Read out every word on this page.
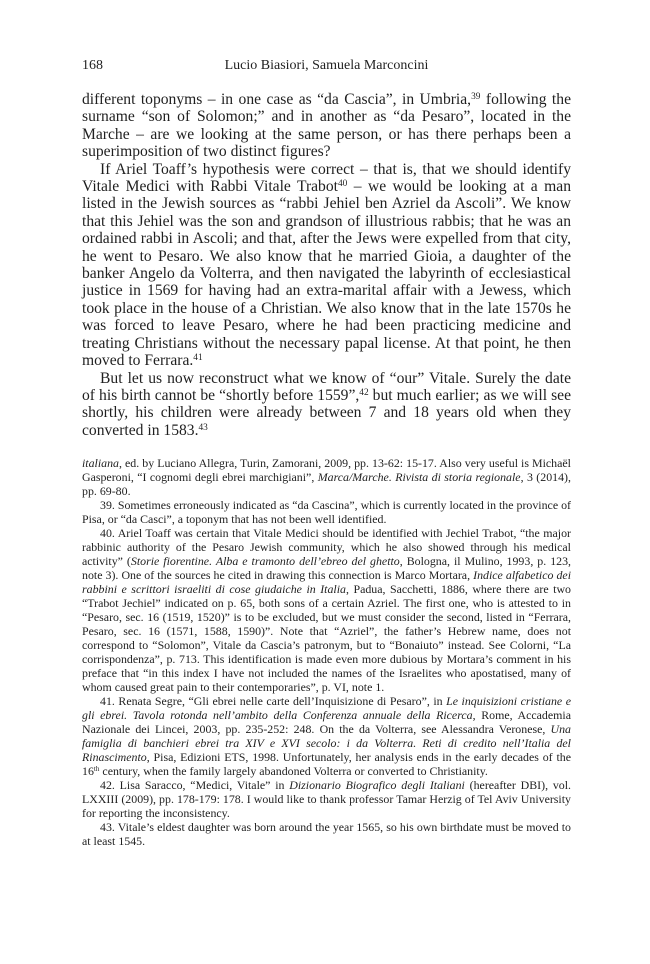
168	Lucio Biasiori, Samuela Marconcini

different toponyms – in one case as “da Cascia”, in Umbria,$^{39}$ following the surname “son of Solomon;” and in another as “da Pesaro”, located in the Marche – are we looking at the same person, or has there perhaps been a superimposition of two distinct figures?

If Ariel Toaff’s hypothesis were correct – that is, that we should identify Vitale Medici with Rabbi Vitale Trabot$^{40}$ – we would be looking at a man listed in the Jewish sources as “rabbi Jehiel ben Azriel da Ascoli”. We know that this Jehiel was the son and grandson of illustrious rabbis; that he was an ordained rabbi in Ascoli; and that, after the Jews were expelled from that city, he went to Pesaro. We also know that he married Gioia, a daughter of the banker Angelo da Volterra, and then navigated the labyrinth of ecclesiastical justice in 1569 for having had an extra-marital affair with a Jewess, which took place in the house of a Christian. We also know that in the late 1570s he was forced to leave Pesaro, where he had been practicing medicine and treating Christians without the necessary papal license. At that point, he then moved to Ferrara.$^{41}$

But let us now reconstruct what we know of “our” Vitale. Surely the date of his birth cannot be “shortly before 1559”,$^{42}$ but much earlier; as we will see shortly, his children were already between 7 and 18 years old when they converted in 1583.43

italiana, ed. by Luciano Allegra, Turin, Zamorani, 2009, pp. 13-62: 15-17. Also very useful is Michaël Gasperoni, “I cognomi degli ebrei marchigiani”, Marca/Marche. Rivista di storia regionale, 3 (2014), pp. 69-80.

39. Sometimes erroneously indicated as “da Cascina”, which is currently located in the province of Pisa, or “da Casci”, a toponym that has not been well identified.

40. Ariel Toaff was certain that Vitale Medici should be identified with Jechiel Trabot, “the major rabbinic authority of the Pesaro Jewish community, which he also showed through his medical activity” (Storie fiorentine. Alba e tramonto dell’ebreo del ghetto, Bologna, il Mulino, 1993, p. 123, note 3). One of the sources he cited in drawing this connection is Marco Mortara, Indice alfabetico dei rabbini e scrittori israeliti di cose giudaiche in Italia, Padua, Sacchetti, 1886, where there are two “Trabot Jechiel” indicated on p. 65, both sons of a certain Azriel. The first one, who is attested to in “Pesaro, sec. 16 (1519, 1520)” is to be excluded, but we must consider the second, listed in “Ferrara, Pesaro, sec. 16 (1571, 1588, 1590)”. Note that “Azriel”, the father’s Hebrew name, does not correspond to “Solomon”, Vitale da Cascia’s patronym, but to “Bonaiuto” instead. See Colorni, “La corrispondenza”, p. 713. This identification is made even more dubious by Mortara’s comment in his preface that “in this index I have not included the names of the Israelites who apostatised, many of whom caused great pain to their contemporaries”, p. VI, note 1.

41. Renata Segre, “Gli ebrei nelle carte dell’Inquisizione di Pesaro”, in Le inquisizioni cristiane e gli ebrei. Tavola rotonda nell’ambito della Conferenza annuale della Ricerca, Rome, Accademia Nazionale dei Lincei, 2003, pp. 235-252: 248. On the da Volterra, see Alessandra Veronese, Una famiglia di banchieri ebrei tra XIV e XVI secolo: i da Volterra. Reti di credito nell’Italia del Rinascimento, Pisa, Edizioni ETS, 1998. Unfortunately, her analysis ends in the early decades of the 16th century, when the family largely abandoned Volterra or converted to Christianity.

42. Lisa Saracco, “Medici, Vitale” in Dizionario Biografico degli Italiani (hereafter DBI), vol. LXXIII (2009), pp. 178-179: 178. I would like to thank professor Tamar Herzig of Tel Aviv University for reporting the inconsistency.

43. Vitale’s eldest daughter was born around the year 1565, so his own birthdate must be moved to at least 1545.
